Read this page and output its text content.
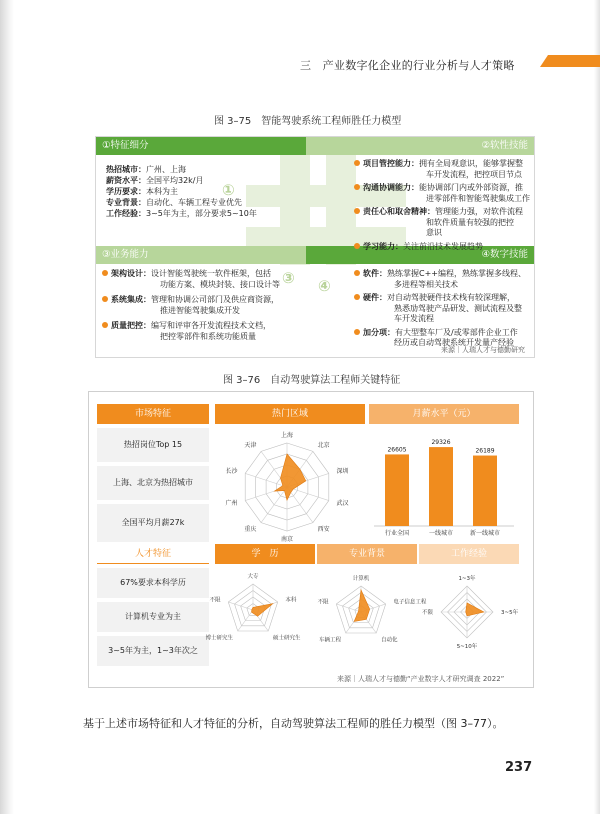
三　产业数字化企业的行业分析与人才策略
图 3–75　智能驾驶系统工程师胜任力模型
①
③ ④
①特征细分	②软性技能
③业务能力	④数字技能
热招城市：广州、上海
薪资水平：全国平均32k/月
学历要求：本科为主
专业背景：自动化、车辆工程专业优先
工作经验：3~5年为主，部分要求5~10年
项目管控能力：拥有全局观意识，能够掌握整
车开发流程，把控项目节点
沟通协调能力：能协调部门内或外部资源，推
进零部件和智能驾驶集成工作
责任心和取舍精神：管理能力强，对软件流程
和软件质量有较强的把控
意识
学习能力：关注前沿技术发展趋势
架构设计：设计智能驾驶统一软件框架，包括
功能方案、模块封装、接口设计等
系统集成：管理和协调公司部门及供应商资源，
推进智能驾驶集成开发
质量把控：编写和评审各开发流程技术文档，
把控零部件和系统功能质量
软件：熟练掌握C++编程，熟练掌握多线程、
多进程等相关技术
硬件：对自动驾驶硬件技术栈有较深理解，
熟悉劢驾驶产品研发、测试流程及整
车开发流程
加分项：有大型整车厂及/或零部件企业工作
经历或自动驾驶系统开发量产经验
来源｜人瑞人才与德勤研究
图 3–76　自动驾驶算法工程师关键特征
市场特征	热门区域	月薪水平（元）
热招岗位Top 15
上海、北京为热招城市
全国平均月薪27k
人才特征	学　历	专业背景	工作经验
67%要求本科学历
计算机专业为主
3~5年为主，1~3年次之
上海
北京
深圳
武汉
西安
南京
重庆
广州
长沙
天津
大专
本科
硕士研究生
博士研究生
不限
计算机
电子信息工程
自动化
车辆工程
不限
1~3年
3~5年
5~10年
不限
26605
行业全国
29326
一线城市
26189
新一线城市
来源｜人瑞人才与德勤“产业数字人才研究调查 2022”
基于上述市场特征和人才特征的分析，自动驾驶算法工程师的胜任力模型（图 3–77）。
237
